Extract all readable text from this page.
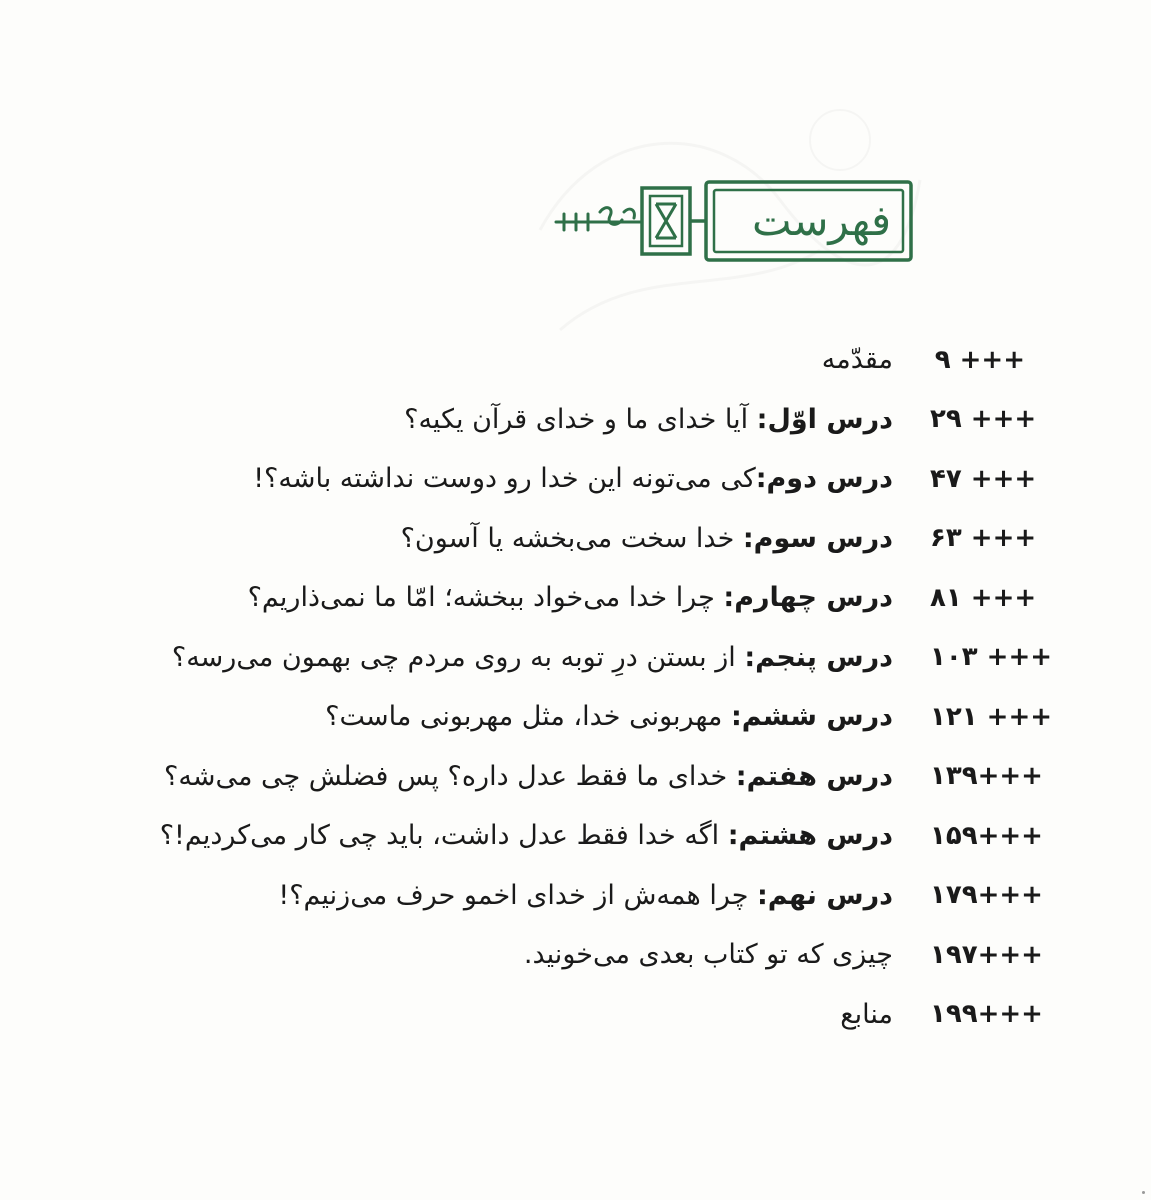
فهرست
۹ +++
مقدّمه
۲۹ +++
درس اوّل: آیا خدای ما و خدای قرآن یکیه؟
۴۷ +++
درس دوم:کی می‌تونه این خدا رو دوست نداشته باشه؟!
۶۳ +++
درس سوم: خدا سخت می‌بخشه یا آسون؟
۸۱ +++
درس چهارم: چرا خدا می‌خواد ببخشه؛ امّا ما نمی‌ذاریم؟
۱۰۳ +++
درس پنجم: از بستن درِ توبه به روی مردم چی بهمون می‌رسه؟
۱۲۱ +++
درس ششم: مهربونی خدا، مثل مهربونی ماست؟
۱۳۹+++
درس هفتم: خدای ما فقط عدل داره؟ پس فضلش چی می‌شه؟
۱۵۹+++
درس هشتم: اگه خدا فقط عدل داشت، باید چی کار می‌کردیم!؟
۱۷۹+++
درس نهم: چرا همه‌ش از خدای اخمو حرف می‌زنیم؟!
۱۹۷+++
چیزی که تو کتاب بعدی می‌خونید.
۱۹۹+++
منابع
